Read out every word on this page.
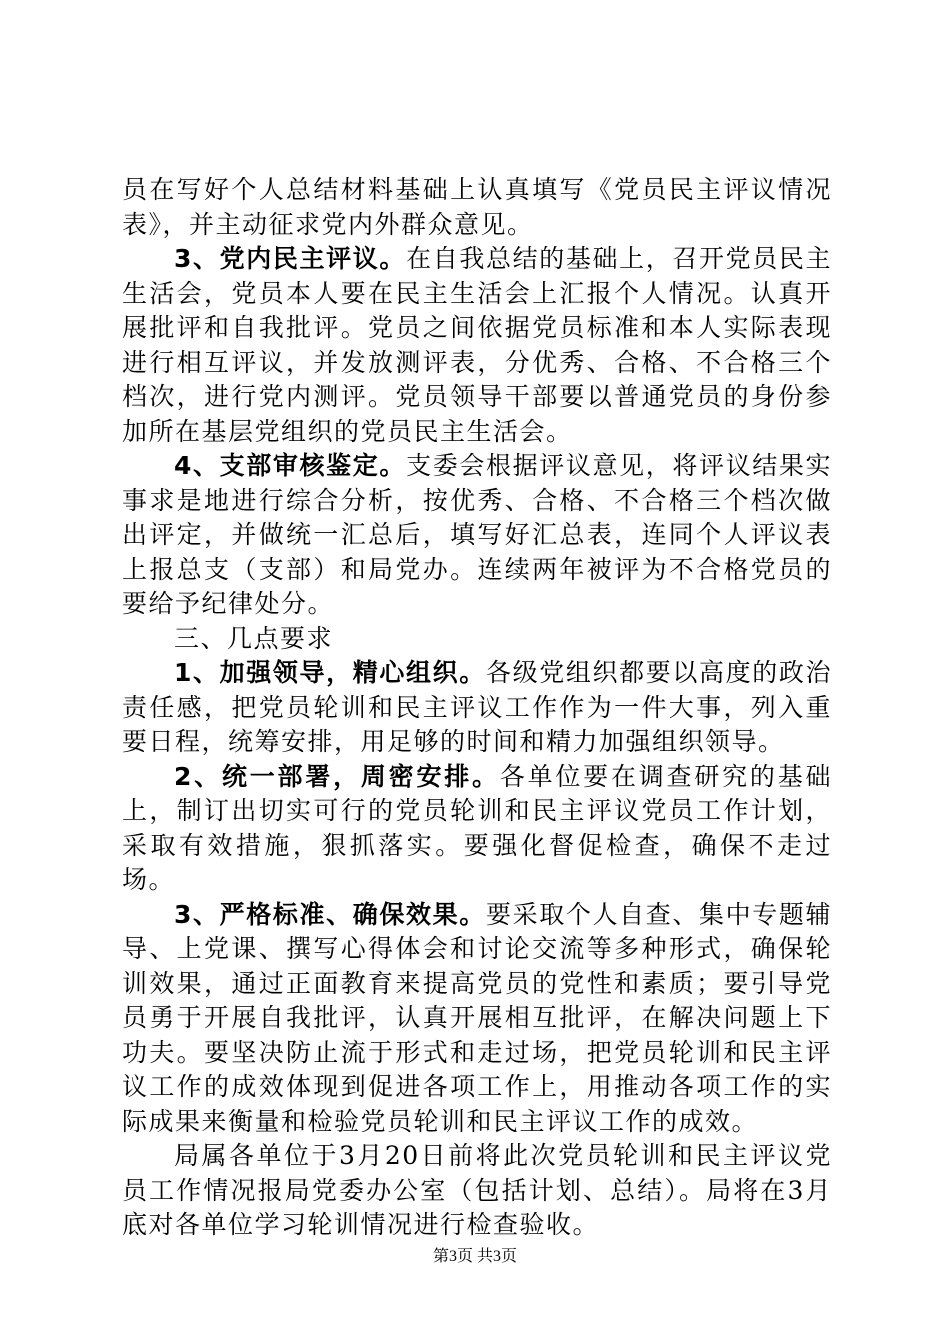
员在写好个人总结材料基础上认真填写《党员民主评议情况表》，并主动征求党内外群众意见。

3、党内民主评议。在自我总结的基础上，召开党员民主生活会，党员本人要在民主生活会上汇报个人情况。认真开展批评和自我批评。党员之间依据党员标准和本人实际表现进行相互评议，并发放测评表，分优秀、合格、不合格三个档次，进行党内测评。党员领导干部要以普通党员的身份参加所在基层党组织的党员民主生活会。

4、支部审核鉴定。支委会根据评议意见，将评议结果实事求是地进行综合分析，按优秀、合格、不合格三个档次做出评定，并做统一汇总后，填写好汇总表，连同个人评议表上报总支（支部）和局党办。连续两年被评为不合格党员的要给予纪律处分。

三、几点要求

1、加强领导，精心组织。各级党组织都要以高度的政治责任感，把党员轮训和民主评议工作作为一件大事，列入重要日程，统筹安排，用足够的时间和精力加强组织领导。

2、统一部署，周密安排。各单位要在调查研究的基础上，制订出切实可行的党员轮训和民主评议党员工作计划，采取有效措施，狠抓落实。要强化督促检查，确保不走过场。

3、严格标准、确保效果。要采取个人自查、集中专题辅导、上党课、撰写心得体会和讨论交流等多种形式，确保轮训效果，通过正面教育来提高党员的党性和素质；要引导党员勇于开展自我批评，认真开展相互批评，在解决问题上下功夫。要坚决防止流于形式和走过场，把党员轮训和民主评议工作的成效体现到促进各项工作上，用推动各项工作的实际成果来衡量和检验党员轮训和民主评议工作的成效。

局属各单位于3月20日前将此次党员轮训和民主评议党员工作情况报局党委办公室（包括计划、总结）。局将在3月底对各单位学习轮训情况进行检查验收。

第3页 共3页
